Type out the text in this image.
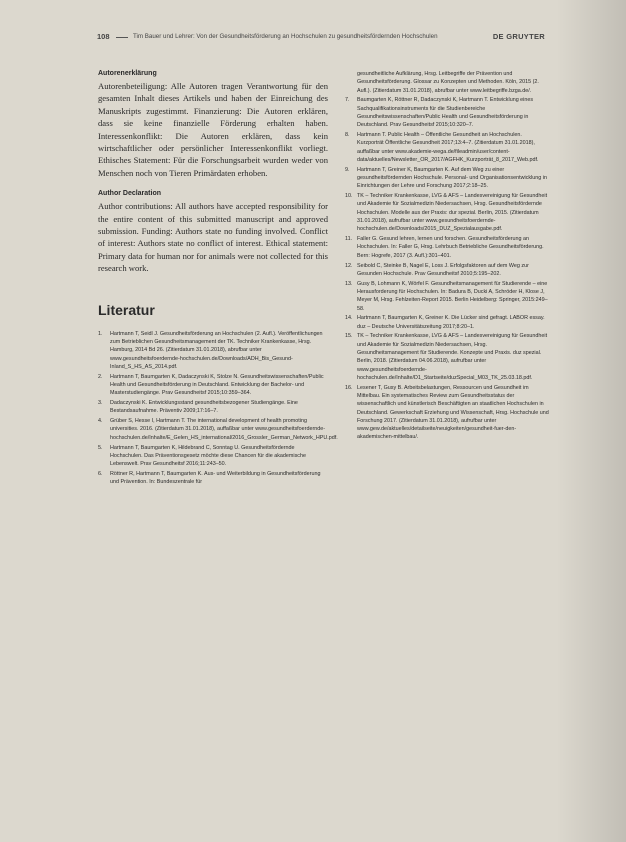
108	Tim Bauer und Lehrer: Von der Gesundheitsförderung an Hochschulen zu gesundheitsfördernden Hochschulen	DE GRUYTER
Autorenerklärung

Autorenbeteiligung: Alle Autoren tragen Verantwortung für den gesamten Inhalt dieses Artikels und haben der Einreichung des Manuskripts zugestimmt. Finanzierung: Die Autoren erklären, dass sie keine finanzielle Förderung erhalten haben. Interessenkonflikt: Die Autoren erklären, dass kein wirtschaftlicher oder persönlicher Interessenkonflikt vorliegt. Ethisches Statement: Für die Forschungsarbeit wurden weder von Menschen noch von Tieren Primärdaten erhoben.

Author Declaration

Author contributions: All authors have accepted responsibility for the entire content of this submitted manuscript and approved submission. Funding: Authors state no funding involved. Conflict of interest: Authors state no conflict of interest. Ethical statement: Primary data for human nor for animals were not collected for this research work.

Literatur
1. Hartmann T, Seidl J. Gesundheitsförderung an Hochschulen (2. Aufl.). Veröffentlichungen zum Betrieblichen Gesundheitsmanagement der TK. Techniker Krankenkasse, Hrsg. Hamburg, 2014 Bd 26. (Zitierdatum 31.01.2018), abrufbar unter www.gesundheitsfoerdernde-hochschulen.de/Downloads/ADH_Bis_Gesund-Inland_S_HS_AS_2014.pdf.
2. Hartmann T, Baumgarten K, Dadaczynski K, Stolze N. Gesundheitswissenschaften/Public Health und Gesundheitsförderung in Deutschland. Entwicklung der Bachelor- und Masterstudiengänge. Prav Gesundheitsf 2015;10:359–364.
3. Dadaczynski K. Entwicklungsstand gesundheitsbezogener Studiengänge. Eine Bestandsaufnahme. Präventiv 2009;17:16–7.
4. Grüber S, Hesse I, Hartmann T. The international development of health promoting universities. 2016. (Zitierdatum 31.01.2018), auffaßbar unter www.gesundheitsfoerdernde-hochschulen.de/Inhalte/E_Gelen_HS_international/2016_Grossler_German_Network_HPU.pdf.
5. Hartmann T, Baumgarten K, Hildebrand C, Sonntag U. Gesundheitsfördernde Hochschulen. Das Präventionsgesetz möchte diese Chancen für die akademische Lebenswelt. Prav Gesundheitsf 2016;11:243–50.
6. Röttner R, Hartmann T, Baumgarten K. Aus- und Weiterbildung in Gesundheitsförderung und Prävention. In: Bundeszentrale für
gesundheitliche Aufklärung, Hrsg. Leitbegriffe der Prävention und Gesundheitsförderung. Glossar zu Konzepten und Methoden. Köln, 2015 (2. Aufl.). (Zitierdatum 31.01.2018), abrufbar unter www.leitbegriffe.bzga.de/.
7. Baumgarten K, Röttner R, Dadaczynski K, Hartmann T. Entwicklung eines Sachqualifikationsinstruments für die Studienbereiche Gesundheitswissenschaften/Public Health und Gesundheitsförderung in Deutschland. Prav Gesundheitsf 2015;10:320–7.
8. Hartmann T. Public Health – Öffentliche Gesundheit an Hochschulen. Kurzporträt Öffentliche Gesundheit 2017;13:4–7. (Zitierdatum 31.01.2018), auffaßbar unter www.akademie-wega.de/fileadmin/user/content-data/aktuelles/Newsletter_OR_2017/AGFHK_Kurzporträt_8_2017_Web.pdf.
9. Hartmann T, Greiner K, Baumgarten K. Auf dem Weg zu einer gesundheitsfördernden Hochschule. Personal- und Organisationsentwicklung in Einrichtungen der Lehre und Forschung 2017;2:18–25.
10. TK – Techniker Krankenkasse, LVG & AFS – Landesvereinigung für Gesundheit und Akademie für Sozialmedizin Niedersachsen, Hrsg. Gesundheitsfördernde Hochschulen. Modelle aus der Praxis: dur spezial. Berlin, 2015. (Zitierdatum 31.01.2018), aufrufbar unter www.gesundheitsfoerdernde-hochschulen.de/Downloads/2015_DUZ_Spezialausgabe.pdf.
11. Faller G. Gesund lehren, lernen und forschen. Gesundheitsförderung an Hochschulen. In: Faller G, Hrsg. Lehrbuch Betriebliche Gesundheitsförderung. Bern: Hogrefe, 2017 (3. Aufl.):301–401.
12. Seibold C, Steinke B, Nagel E, Loss J. Erfolgsfaktoren auf dem Weg zur Gesunden Hochschule. Prav Gesundheitsf 2010;5:195–202.
13. Gusy B, Lohmann K, Wörfel F. Gesundheitsmanagement für Studierende – eine Herausforderung für Hochschulen. In: Badura B, Ducki A, Schröder H, Klose J, Meyer M, Hrsg. Fehlzeiten-Report 2015. Berlin Heidelberg: Springer, 2015:249–58.
14. Hartmann T, Baumgarten K, Greiner K. Die Lücker sind gefragt. LABOR essay. duz – Deutsche Universitätszeitung 2017;8:20–1.
15. TK – Techniker Krankenkasse, LVG & AFS – Landesvereinigung für Gesundheit und Akademie für Sozialmedizin Niedersachsen, Hrsg. Gesundheitsmanagement für Studierende. Konzepte und Praxis. duz spezial. Berlin, 2018. (Zitierdatum 04.06.2018), aufrufbar unter www.gesundheitsfoerdernde-hochschulen.de/Inhalte/D1_Startseite/duzSpecial_M03_TK_25.03.18.pdf.
16. Lesener T, Gusy B. Arbeitsbelastungen, Ressourcen und Gesundheit im Mittelbau. Ein systematisches Review zum Gesundheitsstatus der wissenschaftlich und künstlerisch Beschäftigten an staatlichen Hochschulen in Deutschland. Gewerkschaft Erziehung und Wissenschaft, Hrsg. Hochschule und Forschung 2017. (Zitierdatum 31.01.2018), aufrufbar unter www.gew.de/aktuelles/detailseite/neuigkeiten/gesundheit-fuer-den-akademischen-mittelbau/.
